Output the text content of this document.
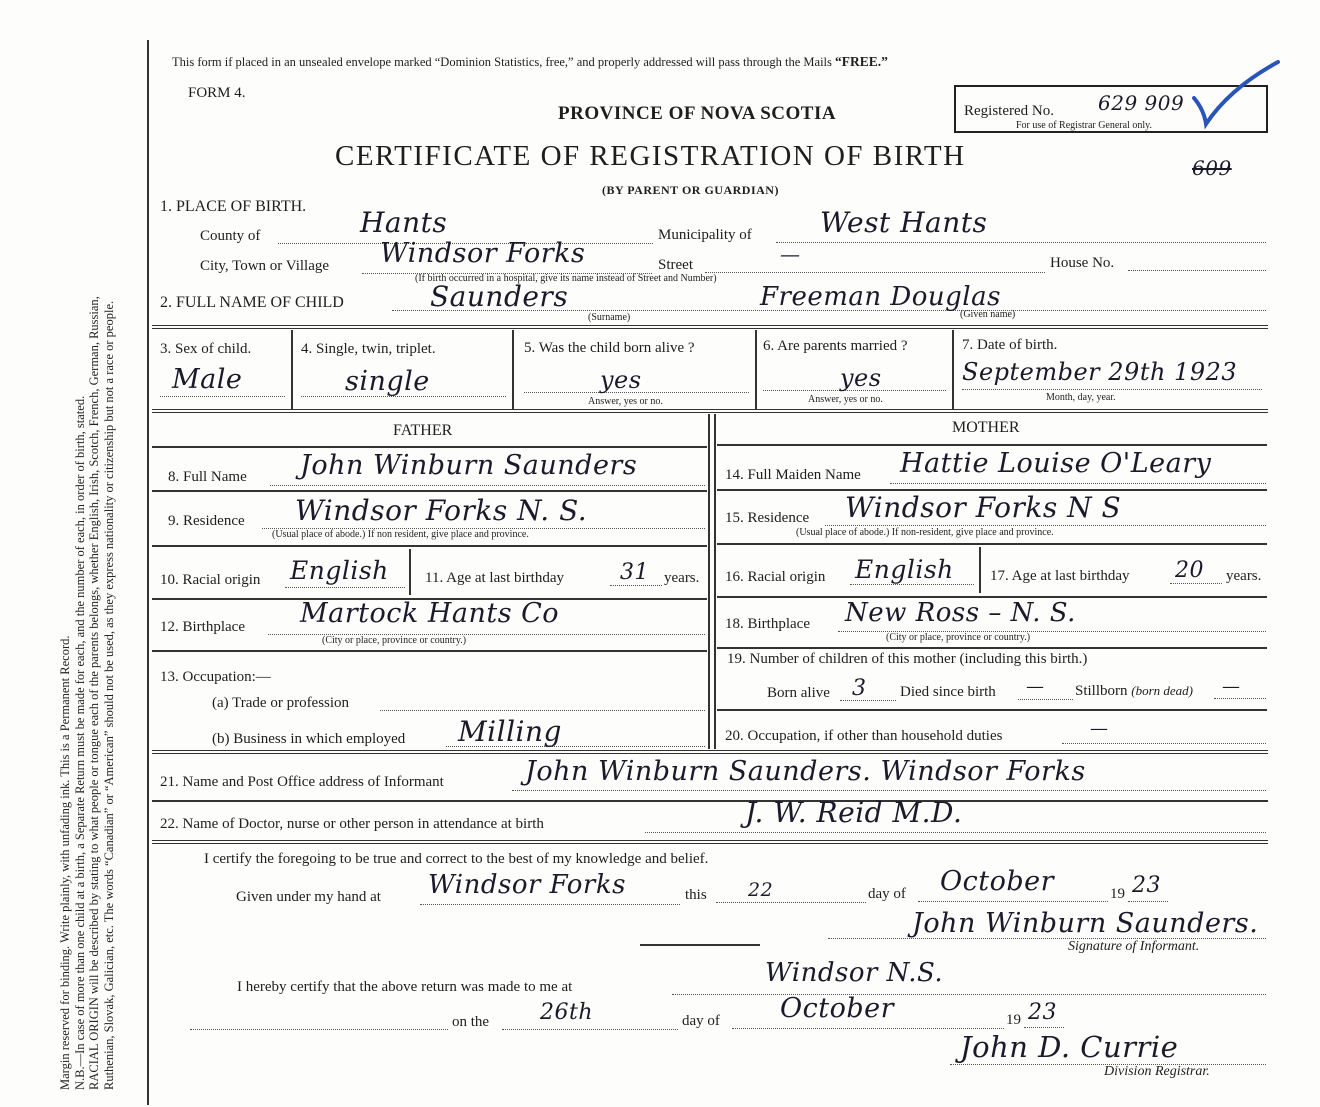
Margin reserved for binding. Write plainly, with unfading ink. This is a Permanent Record. N.B.—In case of more than one child at a birth, a Separate Return must be made for each, and the number of each, in order of birth, stated. RACIAL ORIGIN will be described by stating to what people or tongue each of the parents belongs, whether English, Irish, Scotch, French, German, Russian, Ruthenian, Slovak, Galician, etc. The words “Canadian” or “American” should not be used, as they express nationality or citizenship but not a race or people.
This form if placed in an unsealed envelope marked “Dominion Statistics, free,” and properly addressed will pass through the Mails “FREE.”
FORM 4.
PROVINCE OF NOVA SCOTIA
CERTIFICATE OF REGISTRATION OF BIRTH
(BY PARENT OR GUARDIAN)
Registered No. 629 909
For use of Registrar General only.
609
1. PLACE OF BIRTH.
County of	Hants	Municipality of West Hants
City, Town or Village Windsor Forks	Street	—	House No.
(If birth occurred in a hospital, give its name instead of Street and Number)
2. FULL NAME OF CHILD	Saunders	Freeman Douglas
(Surname)	(Given name)
3. Sex of child.
Male
4. Single, twin, triplet.
single
5. Was the child born alive ?
yes
Answer, yes or no.
6. Are parents married ?
yes
Answer, yes or no.
7. Date of birth.
September 29th 1923
Month, day, year.
FATHER	MOTHER
8. Full Name John Winburn Saunders	14. Full Maiden Name Hattie Louise O'Leary
9. Residence Windsor Forks N. S.
(Usual place of abode.) If non resident, give place and province.
15. Residence Windsor Forks N S
(Usual place of abode.) If non-resident, give place and province.
10. Racial origin English 11. Age at last birthday	31 years. 16. Racial origin English 17. Age at last birthday 20 years.
12. Birthplace Martock Hants Co
(City or place, province or country.)
18. Birthplace New Ross – N. S.
(City or place, province or country.)
13. Occupation:—
(a) Trade or profession
(b) Business in which employed Milling
19. Number of children of this mother (including this birth.)
Born alive 3 Died since birth — Stillborn (born dead) —
20. Occupation, if other than household duties	—
21. Name and Post Office address of Informant	John Winburn Saunders. Windsor Forks
22. Name of Doctor, nurse or other person in attendance at birth	J. W. Reid M.D.
I certify the foregoing to be true and correct to the best of my knowledge and belief.
Given under my hand at Windsor Forks	this 22	day of October	19 23
John Winburn Saunders.
Signature of Informant.
I hereby certify that the above return was made to me at	Windsor N.S.
on the 26th	day of October	19 23
John D. Currie
Division Registrar.
